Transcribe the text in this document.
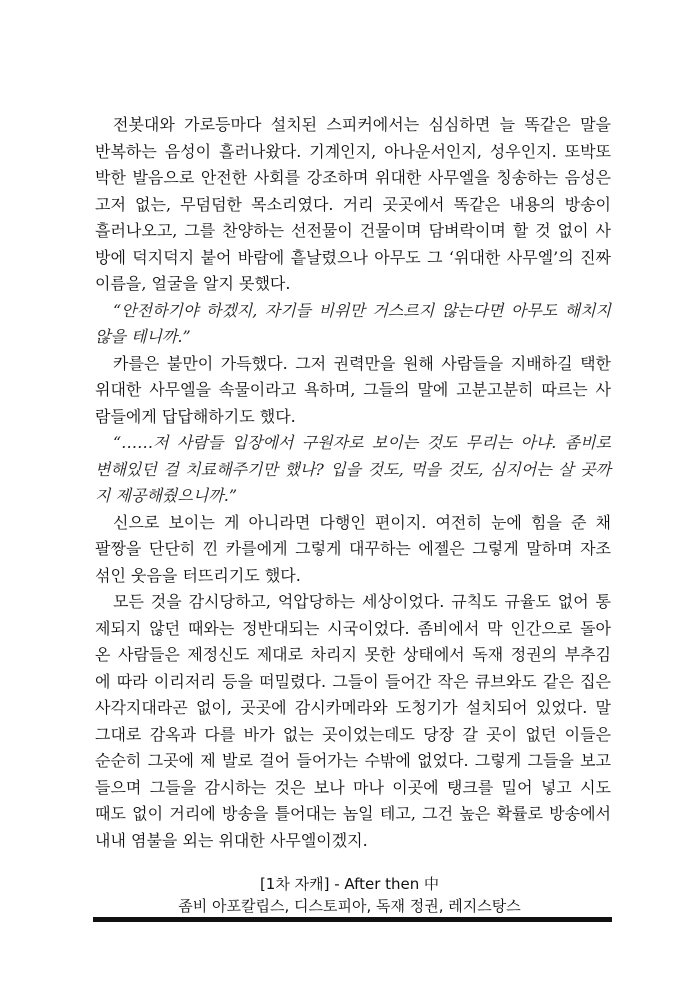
전봇대와 가로등마다 설치된 스피커에서는 심심하면 늘 똑같은 말을
반복하는 음성이 흘러나왔다. 기계인지, 아나운서인지, 성우인지. 또박또
박한 발음으로 안전한 사회를 강조하며 위대한 사무엘을 칭송하는 음성은
고저 없는, 무덤덤한 목소리였다. 거리 곳곳에서 똑같은 내용의 방송이
흘러나오고, 그를 찬양하는 선전물이 건물이며 담벼락이며 할 것 없이 사
방에 덕지덕지 붙어 바람에 흩날렸으나 아무도 그 ‘위대한 사무엘’의 진짜
이름을, 얼굴을 알지 못했다.
“안전하기야 하겠지, 자기들 비위만 거스르지 않는다면 아무도 해치지
않을 테니까.”
카를은 불만이 가득했다. 그저 권력만을 원해 사람들을 지배하길 택한
위대한 사무엘을 속물이라고 욕하며, 그들의 말에 고분고분히 따르는 사
람들에게 답답해하기도 했다.
“……저 사람들 입장에서 구원자로 보이는 것도 무리는 아냐. 좀비로
변해있던 걸 치료해주기만 했나? 입을 것도, 먹을 것도, 심지어는 살 곳까
지 제공해줬으니까.”
신으로 보이는 게 아니라면 다행인 편이지. 여전히 눈에 힘을 준 채
팔짱을 단단히 낀 카를에게 그렇게 대꾸하는 에젤은 그렇게 말하며 자조
섞인 웃음을 터뜨리기도 했다.
모든 것을 감시당하고, 억압당하는 세상이었다. 규칙도 규율도 없어 통
제되지 않던 때와는 정반대되는 시국이었다. 좀비에서 막 인간으로 돌아
온 사람들은 제정신도 제대로 차리지 못한 상태에서 독재 정권의 부추김
에 따라 이리저리 등을 떠밀렸다. 그들이 들어간 작은 큐브와도 같은 집은
사각지대라곤 없이, 곳곳에 감시카메라와 도청기가 설치되어 있었다. 말
그대로 감옥과 다를 바가 없는 곳이었는데도 당장 갈 곳이 없던 이들은
순순히 그곳에 제 발로 걸어 들어가는 수밖에 없었다. 그렇게 그들을 보고
들으며 그들을 감시하는 것은 보나 마나 이곳에 탱크를 밀어 넣고 시도
때도 없이 거리에 방송을 틀어대는 놈일 테고, 그건 높은 확률로 방송에서
내내 염불을 외는 위대한 사무엘이겠지.
[1차 자캐] - After then 中
좀비 아포칼립스, 디스토피아, 독재 정권, 레지스탕스
